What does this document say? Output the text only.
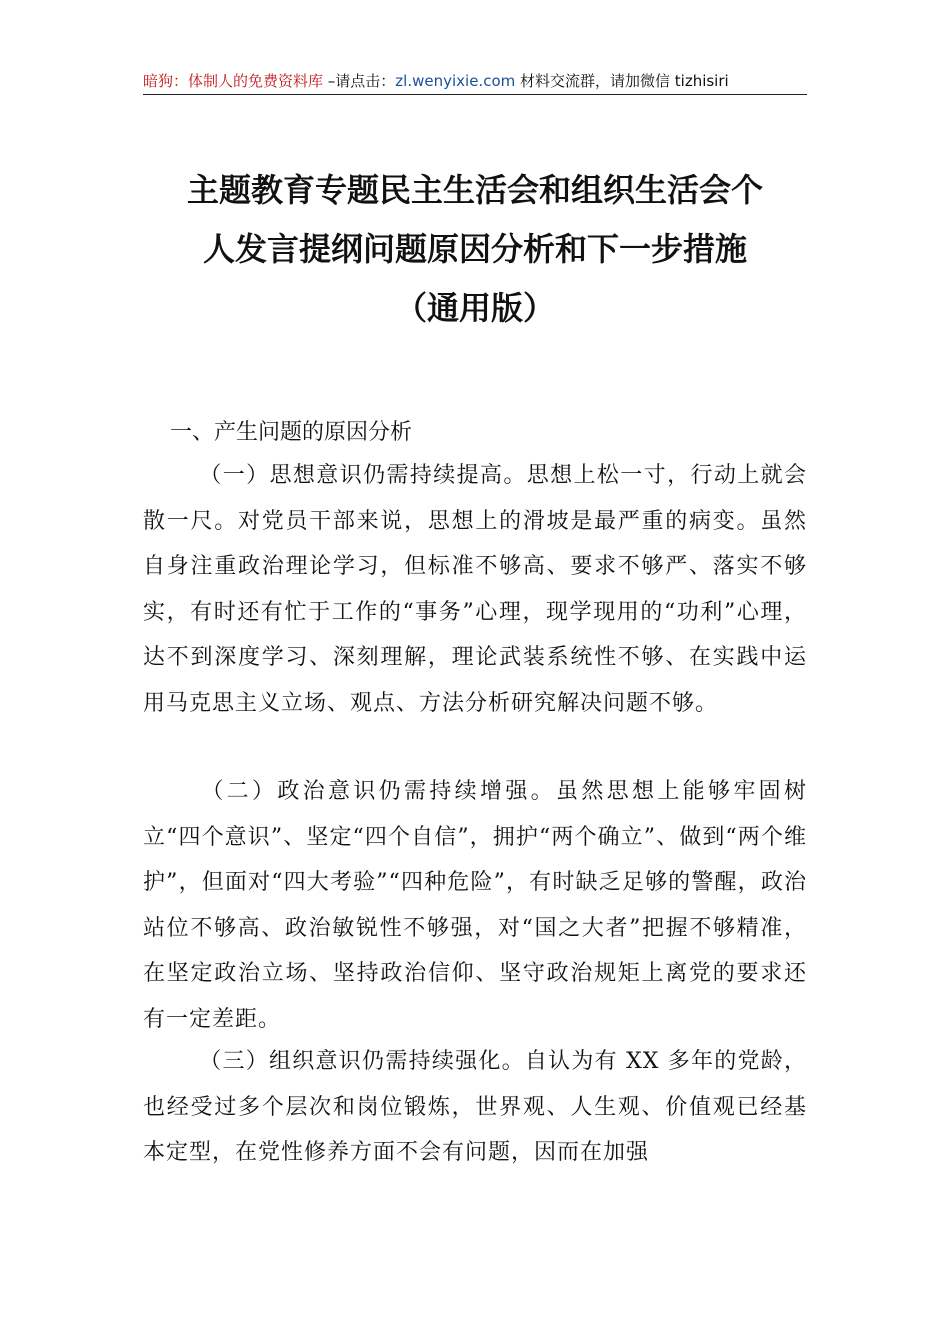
暗狗：体制人的免费资料库 –请点击：zl.wenyixie.com 材料交流群，请加微信 tizhisiri
主题教育专题民主生活会和组织生活会个
人发言提纲问题原因分析和下一步措施
（通用版）
一、产生问题的原因分析
（一）思想意识仍需持续提高。思想上松一寸，行动上就会散一尺。对党员干部来说，思想上的滑坡是最严重的病变。虽然自身注重政治理论学习，但标准不够高、要求不够严、落实不够实，有时还有忙于工作的“事务”心理，现学现用的“功利”心理，达不到深度学习、深刻理解，理论武装系统性不够、在实践中运用马克思主义立场、观点、方法分析研究解决问题不够。
（二）政治意识仍需持续增强。虽然思想上能够牢固树立“四个意识”、坚定“四个自信”，拥护“两个确立”、做到“两个维护”，但面对“四大考验”“四种危险”，有时缺乏足够的警醒，政治站位不够高、政治敏锐性不够强，对“国之大者”把握不够精准，在坚定政治立场、坚持政治信仰、坚守政治规矩上离党的要求还有一定差距。
（三）组织意识仍需持续强化。自认为有 XX 多年的党龄，也经受过多个层次和岗位锻炼，世界观、人生观、价值观已经基本定型，在党性修养方面不会有问题，因而在加强
